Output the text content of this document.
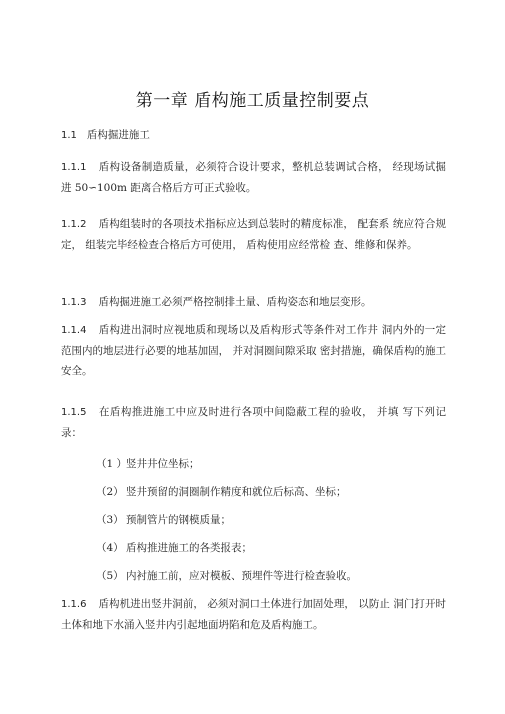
第一章 盾构施工质量控制要点
1.1 盾构掘进施工
1.1.1 盾构设备制造质量，必须符合设计要求，整机总装调试合格， 经现场试掘进 50∽100m 距离合格后方可正式验收。
1.1.2 盾构组装时的各项技术指标应达到总装时的精度标准， 配套系 统应符合规定， 组装完毕经检查合格后方可使用， 盾构使用应经常检 查、维修和保养。
1.1.3 盾构掘进施工必须严格控制排土量、盾构姿态和地层变形。
1.1.4 盾构进出洞时应视地质和现场以及盾构形式等条件对工作井 洞内外的一定范围内的地层进行必要的地基加固， 并对洞圈间隙采取 密封措施，确保盾构的施工安全。
1.1.5 在盾构推进施工中应及时进行各项中间隐蔽工程的验收， 并填 写下列记录：
（1 ）竖井井位坐标；
（2） 竖井预留的洞圈制作精度和就位后标高、坐标；
（3） 预制管片的钢模质量；
（4） 盾构推进施工的各类报表；
（5） 内衬施工前，应对模板、预埋件等进行检查验收。
1.1.6 盾构机进出竖井洞前， 必须对洞口土体进行加固处理， 以防止 洞门打开时土体和地下水涌入竖井内引起地面坍陷和危及盾构施工。
